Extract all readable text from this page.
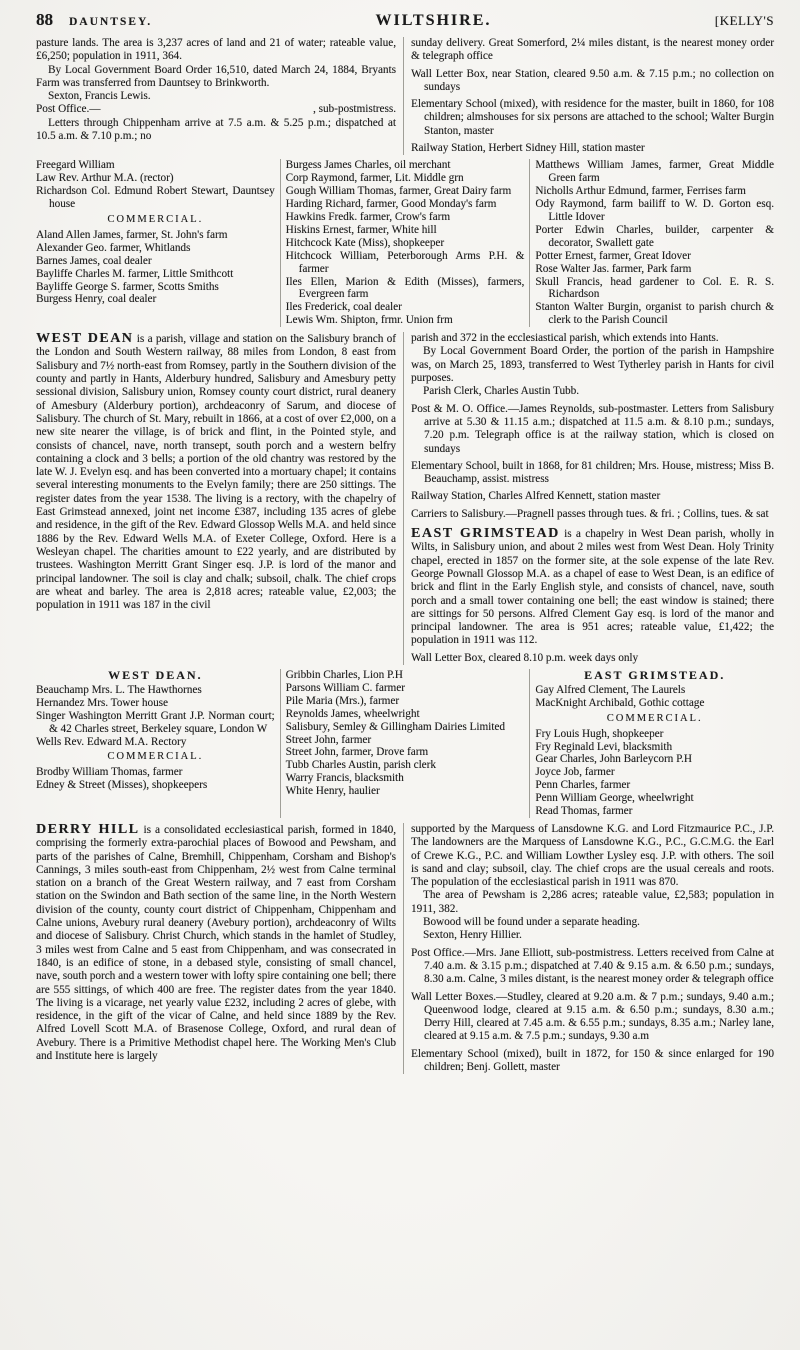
88 DAUNTSEY.	WILTSHIRE.	[KELLY'S

pasture lands. The area is 3,237 acres of land and 21 of water; rateable value, £6,250; population in 1911, 364.

By Local Government Board Order 16,510, dated March 24, 1884, Bryants Farm was transferred from Dauntsey to Brinkworth.

Sexton, Francis Lewis.

Post Office.—	, sub-postmistress.

Letters through Chippenham arrive at 7.5 a.m. & 5.25 p.m.; dispatched at 10.5 a.m. & 7.10 p.m.; no

sunday delivery. Great Somerford, 2¼ miles distant, is the nearest money order & telegraph office

Wall Letter Box, near Station, cleared 9.50 a.m. & 7.15 p.m.; no collection on sundays
Elementary School (mixed), with residence for the master, built in 1860, for 108 children; almshouses for six persons are attached to the school; Walter Burgin Stanton, master
Railway Station, Herbert Sidney Hill, station master
Freegard William
Law Rev. Arthur M.A. (rector)
Richardson Col. Edmund Robert Stewart, Dauntsey house
COMMERCIAL.
Aland Allen James, farmer, St. John's farm
Alexander Geo. farmer, Whitlands
Barnes James, coal dealer
Bayliffe Charles M. farmer, Little Smithcott
Bayliffe George S. farmer, Scotts Smiths
Burgess Henry, coal dealer
Burgess James Charles, oil merchant
Corp Raymond, farmer, Lit. Middle grn
Gough William Thomas, farmer, Great Dairy farm
Harding Richard, farmer, Good Monday's farm
Hawkins Fredk. farmer, Crow's farm
Hiskins Ernest, farmer, White hill
Hitchcock Kate (Miss), shopkeeper
Hitchcock William, Peterborough Arms P.H. & farmer
Iles Ellen, Marion & Edith (Misses), farmers, Evergreen farm
Iles Frederick, coal dealer
Lewis Wm. Shipton, frmr. Union frm
Matthews William James, farmer, Great Middle Green farm
Nicholls Arthur Edmund, farmer, Ferrises farm
Ody Raymond, farm bailiff to W. D. Gorton esq. Little Idover
Porter Edwin Charles, builder, carpenter & decorator, Swallett gate
Potter Ernest, farmer, Great Idover
Rose Walter Jas. farmer, Park farm
Skull Francis, head gardener to Col. E. R. S. Richardson
Stanton Walter Burgin, organist to parish church & clerk to the Parish Council

WEST DEAN is a parish, village and station on the Salisbury branch of the London and South Western railway, 88 miles from London, 8 east from Salisbury and 7½ north-east from Romsey, partly in the Southern division of the county and partly in Hants, Alderbury hundred, Salisbury and Amesbury petty sessional division, Salisbury union, Romsey county court district, rural deanery of Amesbury (Alderbury portion), archdeaconry of Sarum, and diocese of Salisbury. The church of St. Mary, rebuilt in 1866, at a cost of over £2,000, on a new site nearer the village, is of brick and flint, in the Pointed style, and consists of chancel, nave, north transept, south porch and a western belfry containing a clock and 3 bells; a portion of the old chantry was restored by the late W. J. Evelyn esq. and has been converted into a mortuary chapel; it contains several interesting monuments to the Evelyn family; there are 250 sittings. The register dates from the year 1538. The living is a rectory, with the chapelry of East Grimstead annexed, joint net income £387, including 135 acres of glebe and residence, in the gift of the Rev. Edward Glossop Wells M.A. and held since 1886 by the Rev. Edward Wells M.A. of Exeter College, Oxford. Here is a Wesleyan chapel. The charities amount to £22 yearly, and are distributed by trustees. Washington Merritt Grant Singer esq. J.P. is lord of the manor and principal landowner. The soil is clay and chalk; subsoil, chalk. The chief crops are wheat and barley. The area is 2,818 acres; rateable value, £2,003; the population in 1911 was 187 in the civil

parish and 372 in the ecclesiastical parish, which extends into Hants.

By Local Government Board Order, the portion of the parish in Hampshire was, on March 25, 1893, transferred to West Tytherley parish in Hants for civil purposes.

Parish Clerk, Charles Austin Tubb.

Post & M. O. Office.—James Reynolds, sub-postmaster. Letters from Salisbury arrive at 5.30 & 11.15 a.m.; dispatched at 11.5 a.m. & 8.10 p.m.; sundays, 7.20 p.m. Telegraph office is at the railway station, which is closed on sundays
Elementary School, built in 1868, for 81 children; Mrs. House, mistress; Miss B. Beauchamp, assist. mistress
Railway Station, Charles Alfred Kennett, station master
Carriers to Salisbury.—Pragnell passes through tues. & fri. ; Collins, tues. & sat

EAST GRIMSTEAD is a chapelry in West Dean parish, wholly in Wilts, in Salisbury union, and about 2 miles west from West Dean. Holy Trinity chapel, erected in 1857 on the former site, at the sole expense of the late Rev. George Pownall Glossop M.A. as a chapel of ease to West Dean, is an edifice of brick and flint in the Early English style, and consists of chancel, nave, south porch and a small tower containing one bell; the east window is stained; there are sittings for 50 persons. Alfred Clement Gay esq. is lord of the manor and principal landowner. The area is 951 acres; rateable value, £1,422; the population in 1911 was 112.

Wall Letter Box, cleared 8.10 p.m. week days only
WEST DEAN.
Beauchamp Mrs. L. The Hawthornes
Hernandez Mrs. Tower house
Singer Washington Merritt Grant J.P. Norman court; & 42 Charles street, Berkeley square, London W
Wells Rev. Edward M.A. Rectory
COMMERCIAL.
Brodby William Thomas, farmer
Edney & Street (Misses), shopkeepers
Gribbin Charles, Lion P.H
Parsons William C. farmer
Pile Maria (Mrs.), farmer
Reynolds James, wheelwright
Salisbury, Semley & Gillingham Dairies Limited
Street John, farmer
Street John, farmer, Drove farm
Tubb Charles Austin, parish clerk
Warry Francis, blacksmith
White Henry, haulier
EAST GRIMSTEAD.
Gay Alfred Clement, The Laurels
MacKnight Archibald, Gothic cottage
COMMERCIAL.
Fry Louis Hugh, shopkeeper
Fry Reginald Levi, blacksmith
Gear Charles, John Barleycorn P.H
Joyce Job, farmer
Penn Charles, farmer
Penn William George, wheelwright
Read Thomas, farmer

DERRY HILL is a consolidated ecclesiastical parish, formed in 1840, comprising the formerly extra-parochial places of Bowood and Pewsham, and parts of the parishes of Calne, Bremhill, Chippenham, Corsham and Bishop's Cannings, 3 miles south-east from Chippenham, 2½ west from Calne terminal station on a branch of the Great Western railway, and 7 east from Corsham station on the Swindon and Bath section of the same line, in the North Western division of the county, county court district of Chippenham, Chippenham and Calne unions, Avebury rural deanery (Avebury portion), archdeaconry of Wilts and diocese of Salisbury. Christ Church, which stands in the hamlet of Studley, 3 miles west from Calne and 5 east from Chippenham, and was consecrated in 1840, is an edifice of stone, in a debased style, consisting of small chancel, nave, south porch and a western tower with lofty spire containing one bell; there are 555 sittings, of which 400 are free. The register dates from the year 1840. The living is a vicarage, net yearly value £232, including 2 acres of glebe, with residence, in the gift of the vicar of Calne, and held since 1889 by the Rev. Alfred Lovell Scott M.A. of Brasenose College, Oxford, and rural dean of Avebury. There is a Primitive Methodist chapel here. The Working Men's Club and Institute here is largely

supported by the Marquess of Lansdowne K.G. and Lord Fitzmaurice P.C., J.P. The landowners are the Marquess of Lansdowne K.G., P.C., G.C.M.G. the Earl of Crewe K.G., P.C. and William Lowther Lysley esq. J.P. with others. The soil is sand and clay; subsoil, clay. The chief crops are the usual cereals and roots. The population of the ecclesiastical parish in 1911 was 870.

The area of Pewsham is 2,286 acres; rateable value, £2,583; population in 1911, 382.

Bowood will be found under a separate heading.

Sexton, Henry Hillier.

Post Office.—Mrs. Jane Elliott, sub-postmistress. Letters received from Calne at 7.40 a.m. & 3.15 p.m.; dispatched at 7.40 & 9.15 a.m. & 6.50 p.m.; sundays, 8.30 a.m. Calne, 3 miles distant, is the nearest money order & telegraph office
Wall Letter Boxes.—Studley, cleared at 9.20 a.m. & 7 p.m.; sundays, 9.40 a.m.; Queenwood lodge, cleared at 9.15 a.m. & 6.50 p.m.; sundays, 8.30 a.m.; Derry Hill, cleared at 7.45 a.m. & 6.55 p.m.; sundays, 8.35 a.m.; Narley lane, cleared at 9.15 a.m. & 7.5 p.m.; sundays, 9.30 a.m
Elementary School (mixed), built in 1872, for 150 & since enlarged for 190 children; Benj. Gollett, master
